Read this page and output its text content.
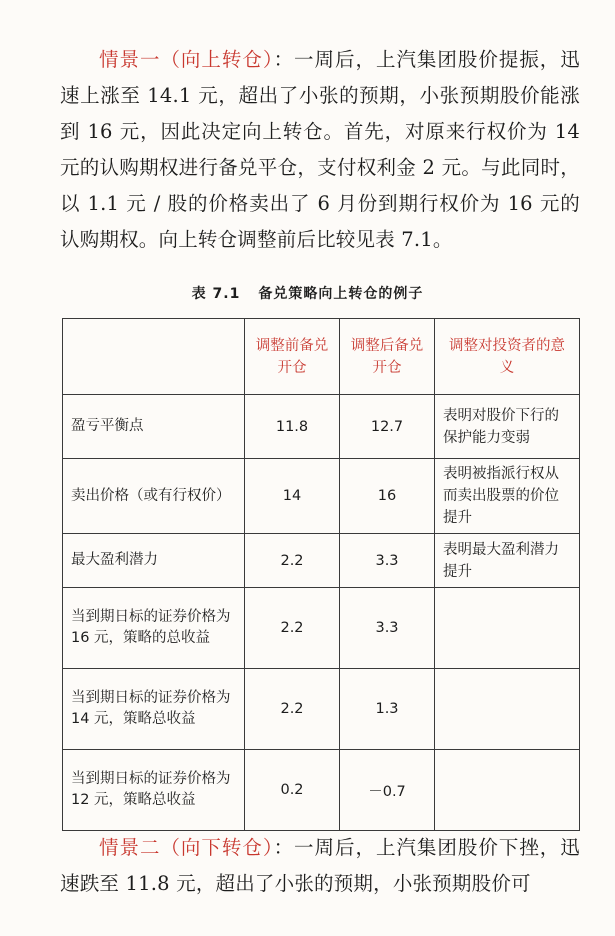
情景一（向上转仓）：一周后，上汽集团股价提振，迅速上涨至 14.1 元，超出了小张的预期，小张预期股价能涨到 16 元，因此决定向上转仓。首先，对原来行权价为 14 元的认购期权进行备兑平仓，支付权利金 2 元。与此同时，以 1.1 元 / 股的价格卖出了 6 月份到期行权价为 16 元的认购期权。向上转仓调整前后比较见表 7.1。

表 7.1 备兑策略向上转仓的例子
	调整前备兑开仓	调整后备兑开仓	调整对投资者的意义
盈亏平衡点	11.8	12.7	表明对股价下行的保护能力变弱
卖出价格（或有行权价）	14	16	表明被指派行权从而卖出股票的价位提升
最大盈利潜力	2.2	3.3	表明最大盈利潜力提升
当到期日标的证券价格为 16 元，策略的总收益	2.2	3.3	
当到期日标的证券价格为 14 元，策略总收益	2.2	1.3	
当到期日标的证券价格为 12 元，策略总收益	0.2	－0.7	

情景二（向下转仓）：一周后，上汽集团股价下挫，迅速跌至 11.8 元，超出了小张的预期，小张预期股价可
